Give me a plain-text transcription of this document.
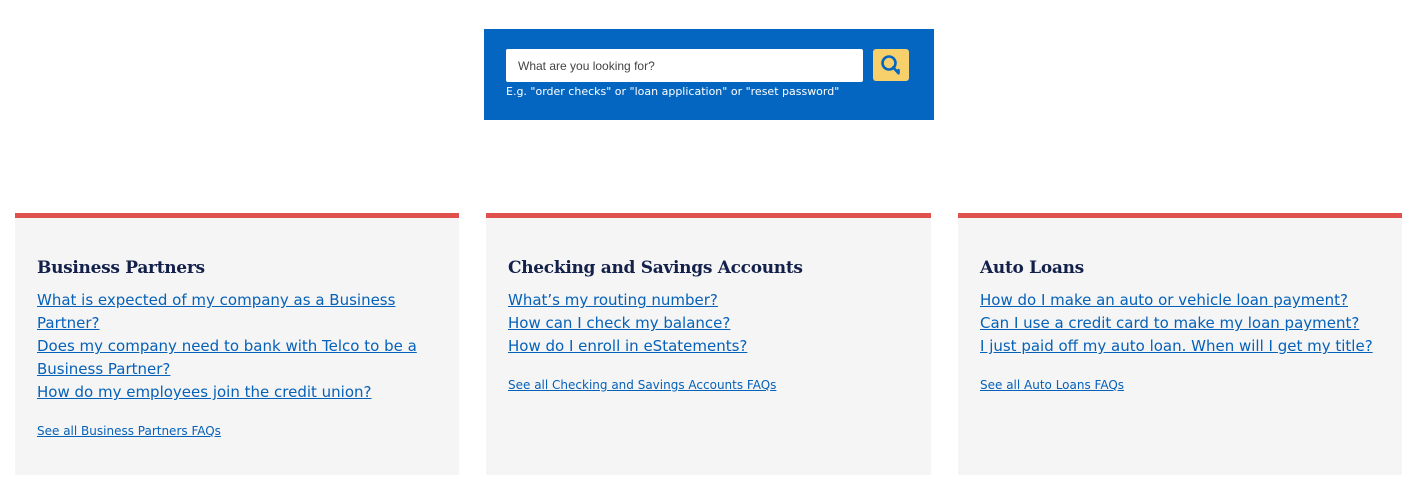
What are you looking for?
E.g. "order checks" or "loan application" or "reset password"
Business Partners
What is expected of my company as a Business Partner?
Does my company need to bank with Telco to be a Business Partner?
How do my employees join the credit union?
See all Business Partners FAQs
Checking and Savings Accounts
What’s my routing number?
How can I check my balance?
How do I enroll in eStatements?
See all Checking and Savings Accounts FAQs
Auto Loans
How do I make an auto or vehicle loan payment?
Can I use a credit card to make my loan payment?
I just paid off my auto loan. When will I get my title?
See all Auto Loans FAQs
